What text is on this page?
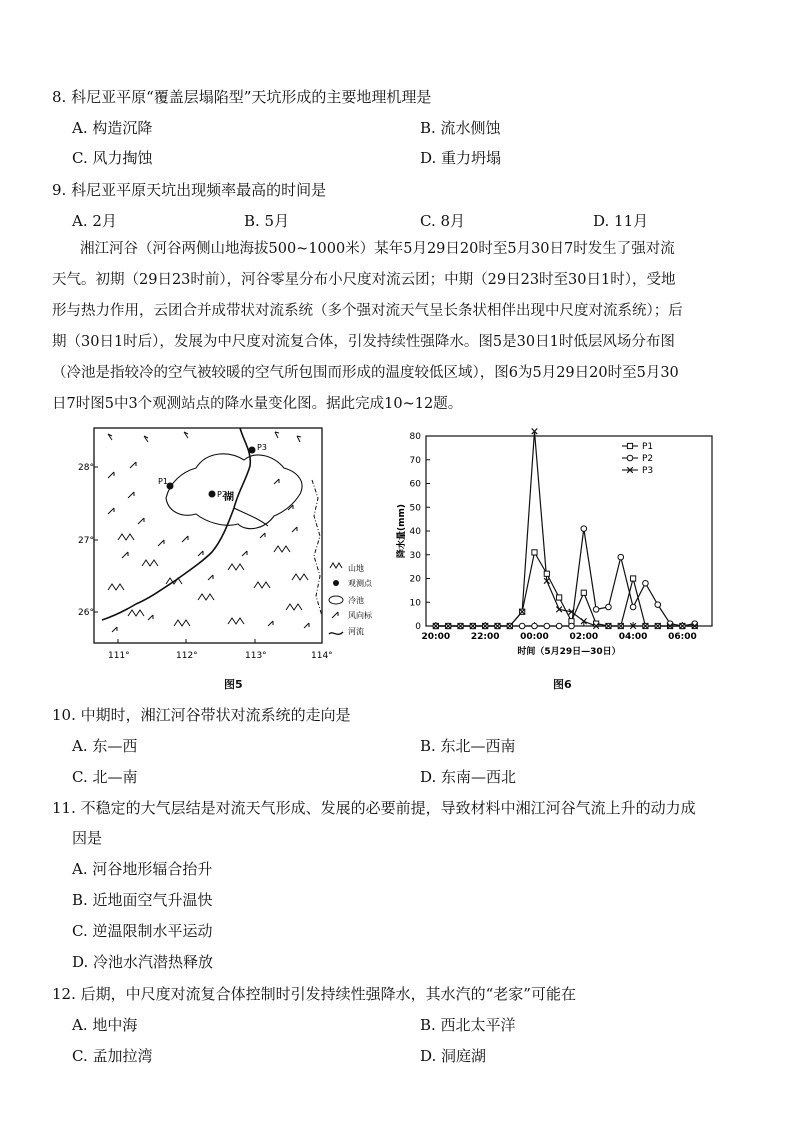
8. 科尼亚平原“覆盖层塌陷型”天坑形成的主要地理机理是
A. 构造沉降	B. 流水侧蚀
C. 风力掏蚀	D. 重力坍塌
9. 科尼亚平原天坑出现频率最高的时间是
A. 2月	B. 5月	C. 8月	D. 11月
湘江河谷（河谷两侧山地海拔500~1000米）某年5月29日20时至5月30日7时发生了强对流
天气。初期（29日23时前），河谷零星分布小尺度对流云团；中期（29日23时至30日1时），受地
形与热力作用，云团合并成带状对流系统（多个强对流天气呈长条状相伴出现中尺度对流系统）；后
期（30日1时后），发展为中尺度对流复合体，引发持续性强降水。图5是30日1时低层风场分布图
（冷池是指较冷的空气被较暖的空气所包围而形成的温度较低区域），图6为5月29日20时至5月30
日7时图5中3个观测站点的降水量变化图。据此完成10~12题。
28°
27°
26°
111°	112°	113°	114°
P1
P2
P3
湖
山地
观测点
冷池
风向标
河流
图5
0
10
20
30
40
50
60
70
80
20:00 22:00 00:00 02:00 04:00 06:00
时间（5月29日—30日）
降水量(mm)
P1
P2
P3
图6
10. 中期时，湘江河谷带状对流系统的走向是
A. 东—西	B. 东北—西南
C. 北—南	D. 东南—西北
11. 不稳定的大气层结是对流天气形成、发展的必要前提，导致材料中湘江河谷气流上升的动力成
因是
A. 河谷地形辐合抬升
B. 近地面空气升温快
C. 逆温限制水平运动
D. 冷池水汽潜热释放
12. 后期，中尺度对流复合体控制时引发持续性强降水，其水汽的“老家”可能在
A. 地中海	B. 西北太平洋
C. 孟加拉湾	D. 洞庭湖
